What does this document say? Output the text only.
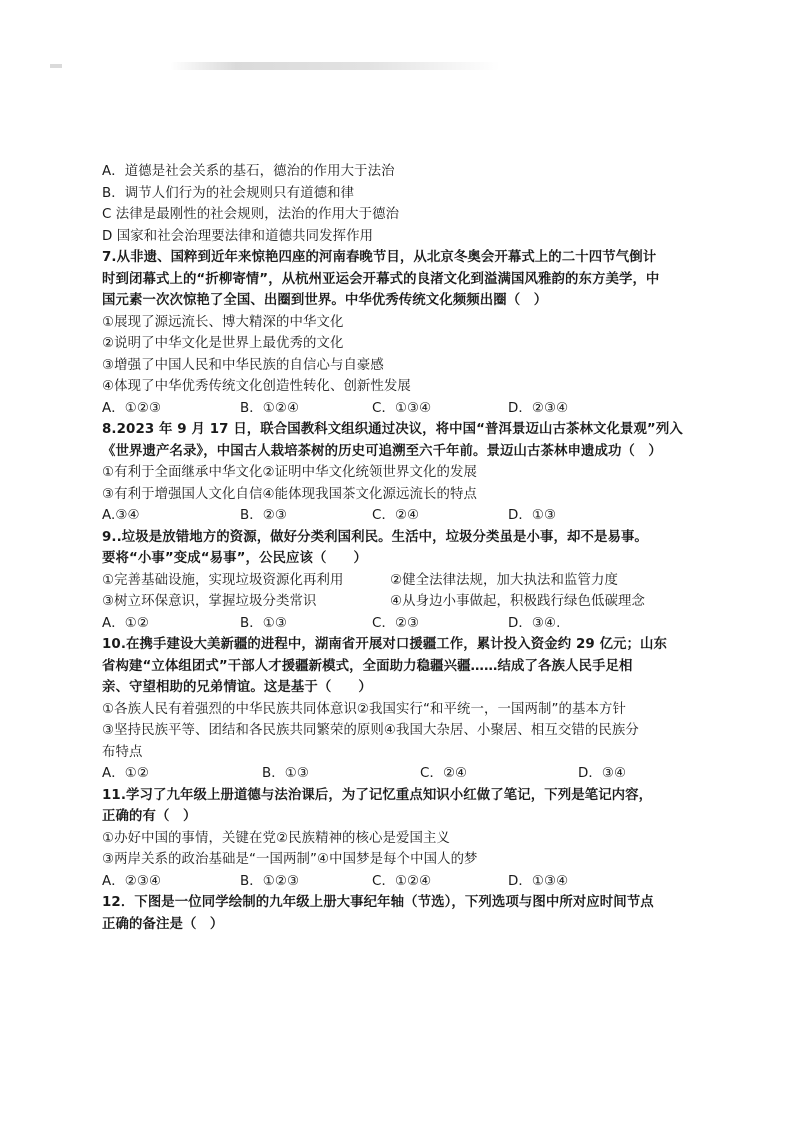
A．道德是社会关系的基石，德治的作用大于法治
B．调节人们行为的社会规则只有道德和律
C 法律是最刚性的社会规则，法治的作用大于德治
D 国家和社会治理要法律和道德共同发挥作用
7.从非遗、国粹到近年来惊艳四座的河南春晚节目，从北京冬奥会开幕式上的二十四节气倒计
时到闭幕式上的“折柳寄情”，从杭州亚运会开幕式的良渚文化到溢满国风雅韵的东方美学，中
国元素一次次惊艳了全国、出圈到世界。中华优秀传统文化频频出圈（　）
①展现了源远流长、博大精深的中华文化
②说明了中华文化是世界上最优秀的文化
③增强了中国人民和中华民族的自信心与自豪感
④体现了中华优秀传统文化创造性转化、创新性发展
A．①②③	B．①②④	C．①③④	D．②③④
8.2023 年 9 月 17 日，联合国教科文组织通过决议，将中国“普洱景迈山古茶林文化景观”列入
《世界遗产名录》，中国古人栽培茶树的历史可追溯至六千年前。景迈山古茶林申遗成功（　）
①有利于全面继承中华文化②证明中华文化统领世界文化的发展
③有利于增强国人文化自信④能体现我国茶文化源远流长的特点
A.③④	B．②③	C．②④	D．①③
9..垃圾是放错地方的资源，做好分类利国利民。生活中，垃圾分类虽是小事，却不是易事。
要将“小事”变成“易事”，公民应该（　　）
①完善基础设施，实现垃圾资源化再利用	②健全法律法规，加大执法和监管力度
③树立环保意识，掌握垃圾分类常识	④从身边小事做起，积极践行绿色低碳理念
A．①②	B．①③	C．②③	D．③④.
10.在携手建设大美新疆的进程中，湖南省开展对口援疆工作，累计投入资金约 29 亿元；山东
省构建“立体组团式”干部人才援疆新模式，全面助力稳疆兴疆……结成了各族人民手足相
亲、守望相助的兄弟情谊。这是基于（　　）
①各族人民有着强烈的中华民族共同体意识②我国实行“和平统一，一国两制”的基本方针
③坚持民族平等、团结和各民族共同繁荣的原则④我国大杂居、小聚居、相互交错的民族分
布特点
A．①②	B．①③	C．②④	D．③④
11.学习了九年级上册道德与法治课后，为了记忆重点知识小红做了笔记，下列是笔记内容，
正确的有（　）
①办好中国的事情，关键在党②民族精神的核心是爱国主义
③两岸关系的政治基础是“一国两制”④中国梦是每个中国人的梦
A．②③④	B．①②③	C．①②④	D．①③④
12．下图是一位同学绘制的九年级上册大事纪年轴（节选），下列选项与图中所对应时间节点
正确的备注是（　）
